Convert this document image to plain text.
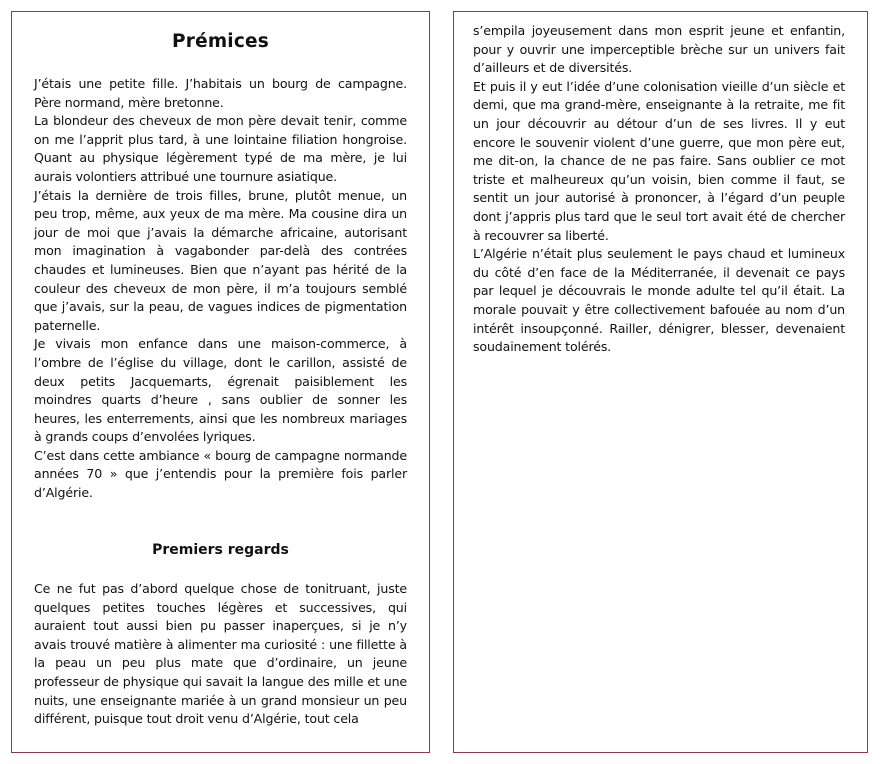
Prémices

J’étais une petite fille. J’habitais un bourg de campagne. Père normand, mère bretonne.

La blondeur des cheveux de mon père devait tenir, comme on me l’apprit plus tard, à une lointaine filiation hongroise. Quant au physique légèrement typé de ma mère, je lui aurais volontiers attribué une tournure asiatique.

J’étais la dernière de trois filles, brune, plutôt menue, un peu trop, même, aux yeux de ma mère. Ma cousine dira un jour de moi que j’avais la démarche africaine, autorisant mon imagination à vagabonder par-delà des contrées chaudes et lumineuses. Bien que n’ayant pas hérité de la couleur des cheveux de mon père, il m’a toujours semblé que j’avais, sur la peau, de vagues indices de pigmentation paternelle.

Je vivais mon enfance dans une maison-commerce, à l’ombre de l’église du village, dont le carillon, assisté de deux petits Jacquemarts, égrenait paisiblement les moindres quarts d’heure , sans oublier de sonner les heures, les enterrements, ainsi que les nombreux mariages à grands coups d’envolées lyriques.

C’est dans cette ambiance « bourg de campagne normande années 70 » que j’entendis pour la première fois parler d’Algérie.

Premiers regards

Ce ne fut pas d’abord quelque chose de tonitruant, juste quelques petites touches légères et successives, qui auraient tout aussi bien pu passer inaperçues, si je n’y avais trouvé matière à alimenter ma curiosité : une fillette à la peau un peu plus mate que d’ordinaire, un jeune professeur de physique qui savait la langue des mille et une nuits, une enseignante mariée à un grand monsieur un peu différent, puisque tout droit venu d’Algérie, tout cela

s’empila joyeusement dans mon esprit jeune et enfantin, pour y ouvrir une imperceptible brèche sur un univers fait d’ailleurs et de diversités.

Et puis il y eut l’idée d’une colonisation vieille d’un siècle et demi, que ma grand-mère, enseignante à la retraite, me fit un jour découvrir au détour d’un de ses livres. Il y eut encore le souvenir violent d’une guerre, que mon père eut, me dit-on, la chance de ne pas faire. Sans oublier ce mot triste et malheureux qu’un voisin, bien comme il faut, se sentit un jour autorisé à prononcer, à l’égard d’un peuple dont j’appris plus tard que le seul tort avait été de chercher à recouvrer sa liberté.

L’Algérie n’était plus seulement le pays chaud et lumineux du côté d’en face de la Méditerranée, il devenait ce pays par lequel je découvrais le monde adulte tel qu’il était. La morale pouvait y être collectivement bafouée au nom d’un intérêt insoupçonné. Railler, dénigrer, blesser, devenaient soudainement tolérés.
